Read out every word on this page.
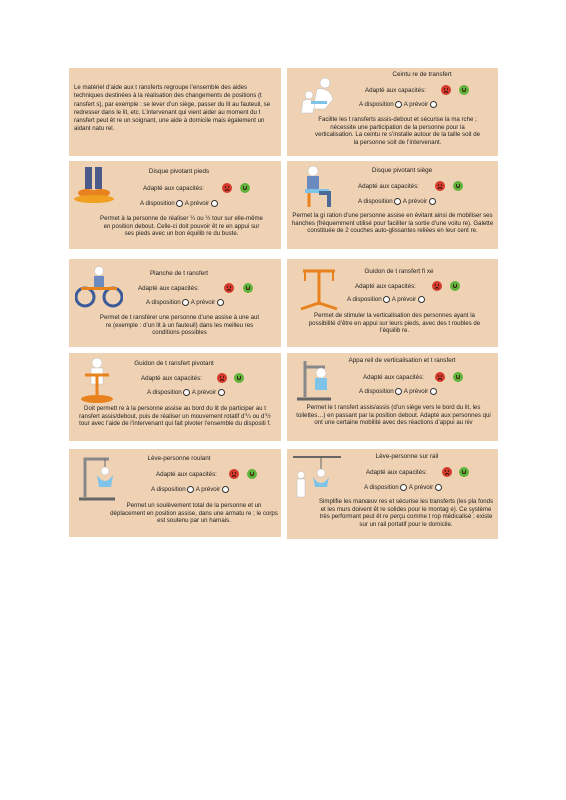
Le matériel d’aide aux t ransferts regroupe l’ensemble des aides techniques destinées à la réalisation des changements de positions (t ransfert s), par exemple : se lever d’un siège, passer du lit au fauteuil, se redresser dans le lit, etc. L’intervenant qui vient aider au moment du t ransfert peut êt re un soignant, une aide à domicile mais également un aidant natu rel.
Ceintu re de transfert
Adapté aux capacités:
A disposition A prévoir
Facilite les t ransferts assis-debout et sécurise la ma rche ; nécessite une participation de la personne pour la verticalisation. La ceintu re s’installe autour de la taille soit de la personne soit de l’intervenant.
Disque pivotant pieds
Adapté aux capacités:
A disposition A prévoir
Permet à la personne de réaliser ¼ ou ½ tour sur elle-même en position debout. Celle-ci doit pouvoir êt re en appui sur ses pieds avec un bon équilib re du buste.
Disque pivotant siège
Adapté aux capacités:
A disposition A prévoir
Permet la gi ration d’une personne assise en évitant ainsi de mobiliser ses hanches (fréquemment utilisé pour faciliter la sortie d’une voitu re). Galette constituée de 2 couches auto-glissantes reliées en leur cent re.
Planche de t ransfert
Adapté aux capacités:
A disposition A prévoir
Permet de t ransférer une personne d’une assise à une aut re (exemple : d’un lit à un fauteuil) dans les meilleu res conditions possibles
Guidon de t ransfert fi xe
Adapté aux capacités:
A disposition A prévoir
Permet de stimuler la verticalisation des personnes ayant la possibilité d’être en appui sur leurs pieds, avec des t roubles de l’équilib re.
Guidon de t ransfert pivotant
Adapté aux capacités:
A disposition A prévoir
Doit permett re à la personne assise au bord du lit de participer au t ransfert assis/debout, puis de réaliser un mouvement rotatif d’¼ ou d’½ tour avec l’aide de l’intervenant qui fait pivoter l’ensemble du dispositi f.
Appa reil de verticalisation et t ransfert
Adapté aux capacités:
A disposition A prévoir
Permet le t ransfert assis/assis (d’un siège vers le bord du lit, les toilettes…) en passant par la position debout. Adapté aux personnes qui ont une certaine mobilité avec des réactions d’appui au niv
Lève-personne roulant
Adapté aux capacités:
A disposition A prévoir
Permet un soulèvement total de la personne et un déplacement en position assise, dans une armatu re ; le corps est soutenu par un harnais.
Lève-personne sur rail
Adapté aux capacités:
A disposition A prévoir
Simplifie les manœuv res et sécurise les transferts (les pla fonds et les murs doivent êt re solides pour le montag e). Ce système très performant peut êt re perçu comme t rop médicalisé ; existe sur un rail portatif pour le domicile.
